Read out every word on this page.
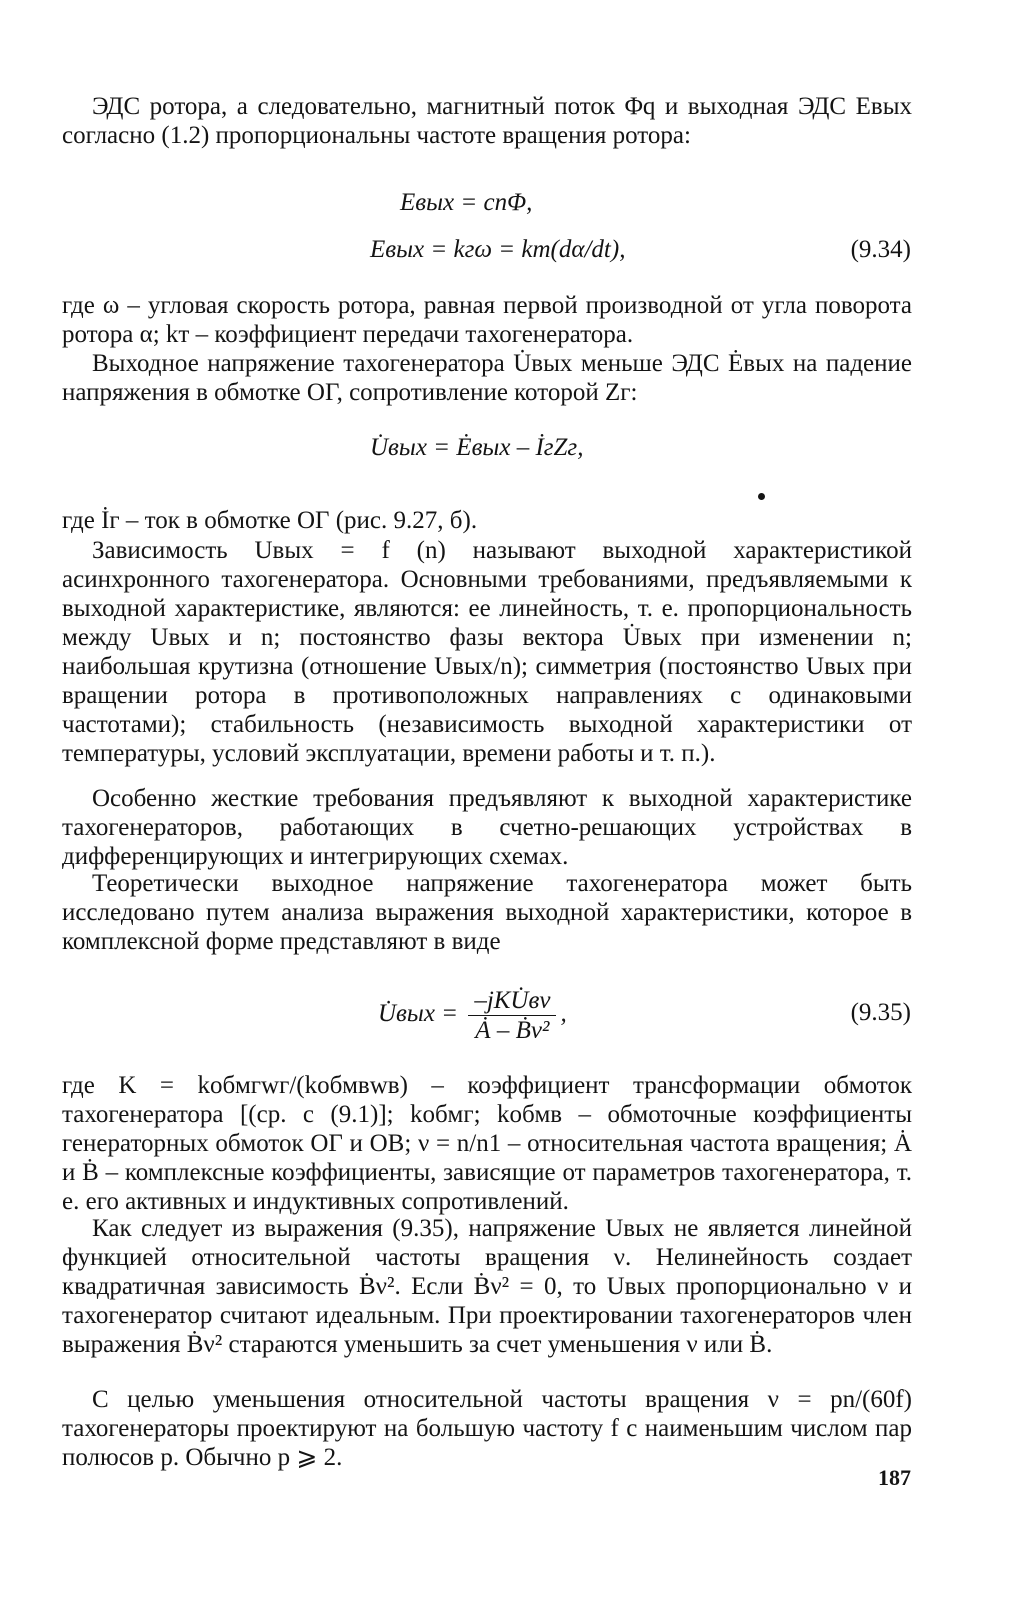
ЭДС ротора, а следовательно, магнитный поток Φq и выходная ЭДС Eвых согласно (1.2) пропорциональны частоте вращения ротора:

Eвых = cnΦ,
Eвых = kгω = kт(dα/dt),	(9.34)

где ω – угловая скорость ротора, равная первой производной от угла поворота ротора α; kт – коэффициент передачи тахогенератора.

Выходное напряжение тахогенератора U̇вых меньше ЭДС Ėвых на падение напряжения в обмотке ОГ, сопротивление которой Zг:

U̇вых = Ėвых – İгZг,

где İг – ток в обмотке ОГ (рис. 9.27, б).

Зависимость Uвых = f (n) называют выходной характеристикой асинхронного тахогенератора. Основными требованиями, предъявляемыми к выходной характеристике, являются: ее линейность, т. е. пропорциональность между Uвых и n; постоянство фазы вектора U̇вых при изменении n; наибольшая крутизна (отношение Uвых/n); симметрия (постоянство Uвых при вращении ротора в противоположных направлениях с одинаковыми частотами); стабильность (независимость выходной характеристики от температуры, условий эксплуатации, времени работы и т. п.).

Особенно жесткие требования предъявляют к выходной характеристике тахогенераторов, работающих в счетно-решающих устройствах в дифференцирующих и интегрирующих схемах.

Теоретически выходное напряжение тахогенератора может быть исследовано путем анализа выражения выходной характеристики, которое в комплексной форме представляют в виде

U̇вых = $\frac{\text{–jKU̇вν}}{\text{Ȧ – Ḃν²}}$ ,	(9.35)

где K = kобмгwг/(kобмвwв) – коэффициент трансформации обмоток тахогенератора [(ср. с (9.1)]; kобмг; kобмв – обмоточные коэффициенты генераторных обмоток ОГ и ОВ; ν = n/n1 – относительная частота вращения; Ȧ и Ḃ – комплексные коэффициенты, зависящие от параметров тахогенератора, т. е. его активных и индуктивных сопротивлений.

Как следует из выражения (9.35), напряжение Uвых не является линейной функцией относительной частоты вращения ν. Нелинейность создает квадратичная зависимость Ḃν². Если Ḃν² = 0, то Uвых пропорционально ν и тахогенератор считают идеальным. При проектировании тахогенераторов член выражения Ḃν² стараются уменьшить за счет уменьшения ν или Ḃ.

С целью уменьшения относительной частоты вращения ν = pn/(60f) тахогенераторы проектируют на большую частоту f с наименьшим числом пар полюсов p. Обычно p ⩾ 2.

187
